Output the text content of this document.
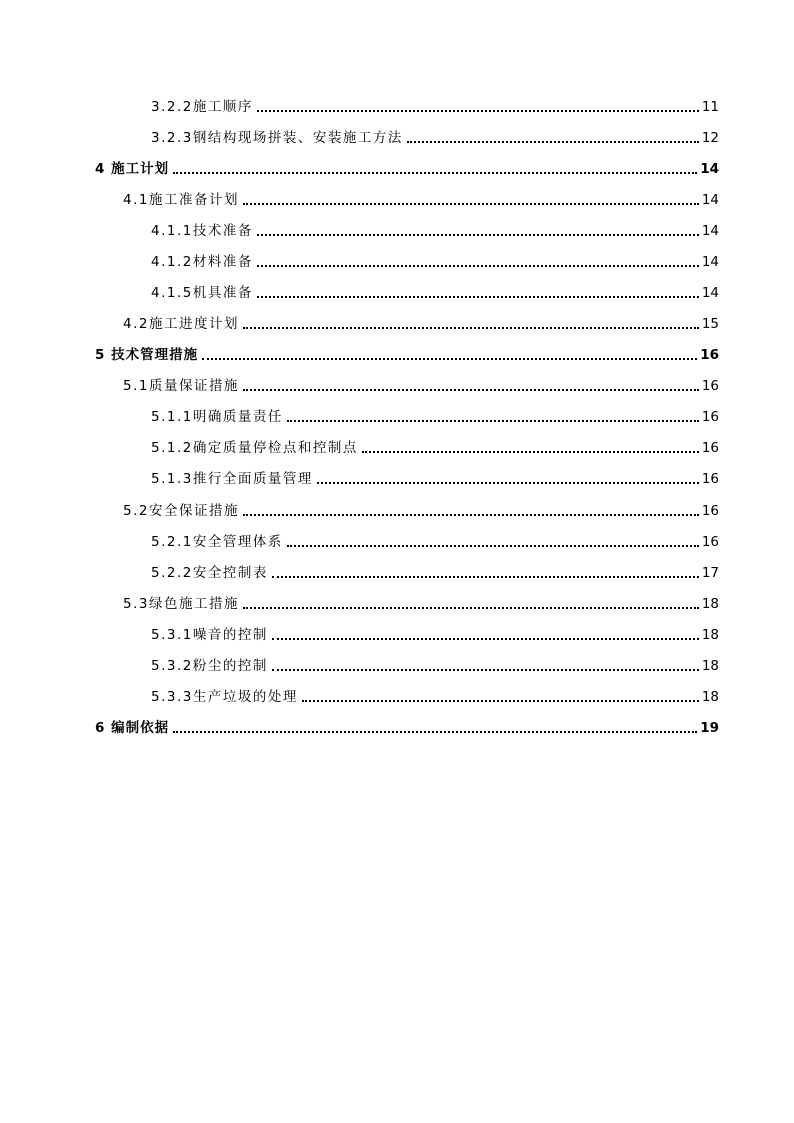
3.2.2施工顺序	11
3.2.3钢结构现场拼装、安装施工方法	12
4 施工计划	14
4.1施工准备计划	14
4.1.1技术准备	14
4.1.2材料准备	14
4.1.5机具准备	14
4.2施工进度计划	15
5 技术管理措施	16
5.1质量保证措施	16
5.1.1明确质量责任	16
5.1.2确定质量停检点和控制点	16
5.1.3推行全面质量管理	16
5.2安全保证措施	16
5.2.1安全管理体系	16
5.2.2安全控制表	17
5.3绿色施工措施	18
5.3.1噪音的控制	18
5.3.2粉尘的控制	18
5.3.3生产垃圾的处理	18
6 编制依据	19
